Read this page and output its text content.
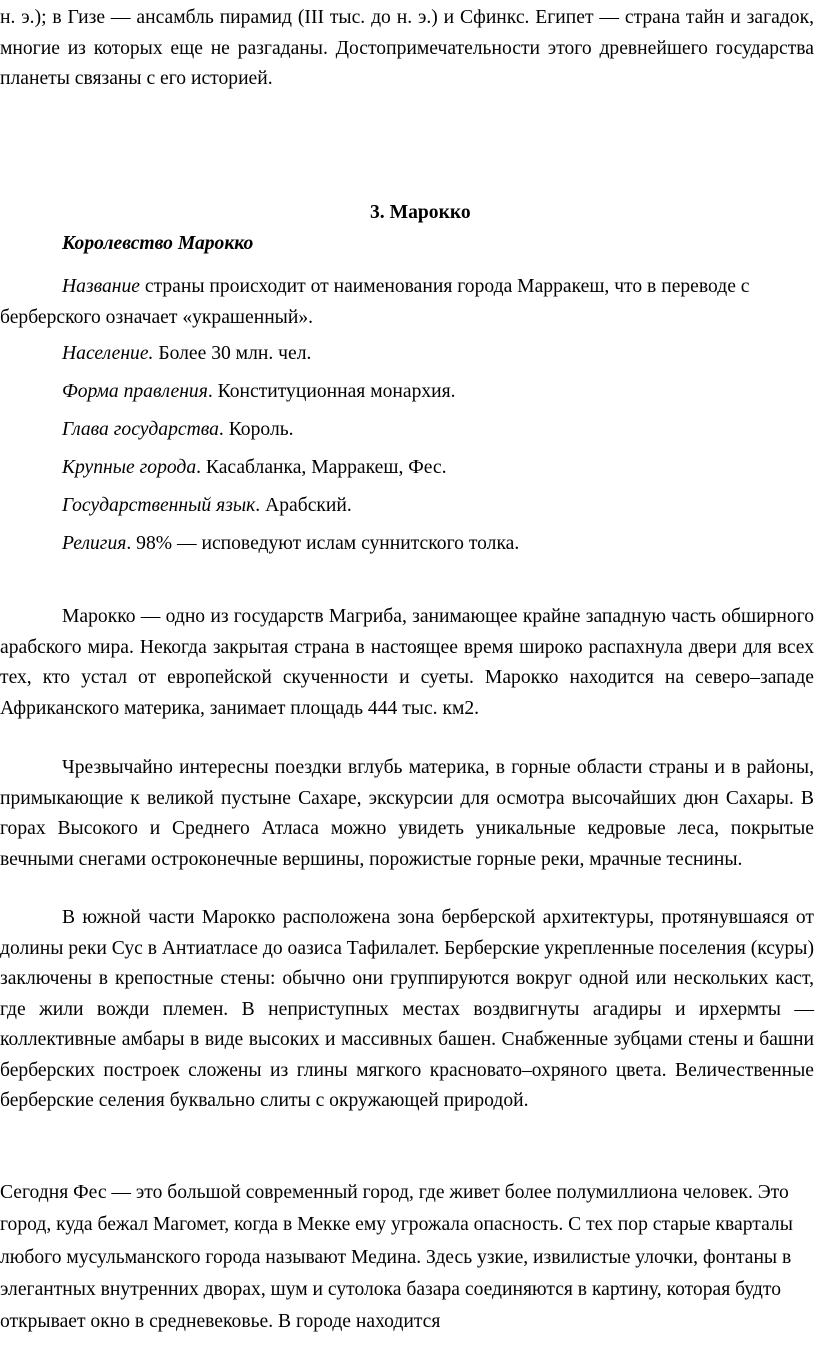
н. э.); в Гизе — ансамбль пирамид (III тыс. до н. э.) и Сфинкс. Египет — страна тайн и загадок, многие из которых еще не разгаданы. Достопримечательности этого древнейшего государства планеты связаны с его историей.

3. Марокко
Королевство Марокко

Название страны происходит от наименования города Марракеш, что в переводе с берберского означает «украшенный».

Население. Более 30 млн. чел.

Форма правления. Конституционная монархия.

Глава государства. Король.

Крупные города. Касабланка, Марракеш, Фес.

Государственный язык. Арабский.

Религия. 98% — исповедуют ислам суннитского толка.

Марокко — одно из государств Магриба, занимающее крайне западную часть обширного арабского мира. Некогда закрытая страна в настоящее время широко распахнула двери для всех тех, кто устал от европейской скученности и суеты. Марокко находится на северо–западе Африканского материка, занимает площадь 444 тыс. км2.

Чрезвычайно интересны поездки вглубь материка, в горные области страны и в районы, примыкающие к великой пустыне Сахаре, экскурсии для осмотра высочайших дюн Сахары. В горах Высокого и Среднего Атласа можно увидеть уникальные кедровые леса, покрытые вечными снегами остроконечные вершины, порожистые горные реки, мрачные теснины.

В южной части Марокко расположена зона берберской архитектуры, протянувшаяся от долины реки Сус в Антиатласе до оазиса Тафилалет. Берберские укрепленные поселения (ксуры) заключены в крепостные стены: обычно они группируются вокруг одной или нескольких каст, где жили вожди племен. В неприступных местах воздвигнуты агадиры и ирхермты — коллективные амбары в виде высоких и массивных башен. Снабженные зубцами стены и башни берберских построек сложены из глины мягкого красновато–охряного цвета. Величественные берберские селения буквально слиты с окружающей природой.

Сегодня Фес — это большой современный город, где живет более полумиллиона человек. Это город, куда бежал Магомет, когда в Мекке ему угрожала опасность. С тех пор старые кварталы любого мусульманского города называют Медина. Здесь узкие, извилистые улочки, фонтаны в элегантных внутренних дворах, шум и сутолока базара соединяются в картину, которая будто открывает окно в средневековье. В городе находится
